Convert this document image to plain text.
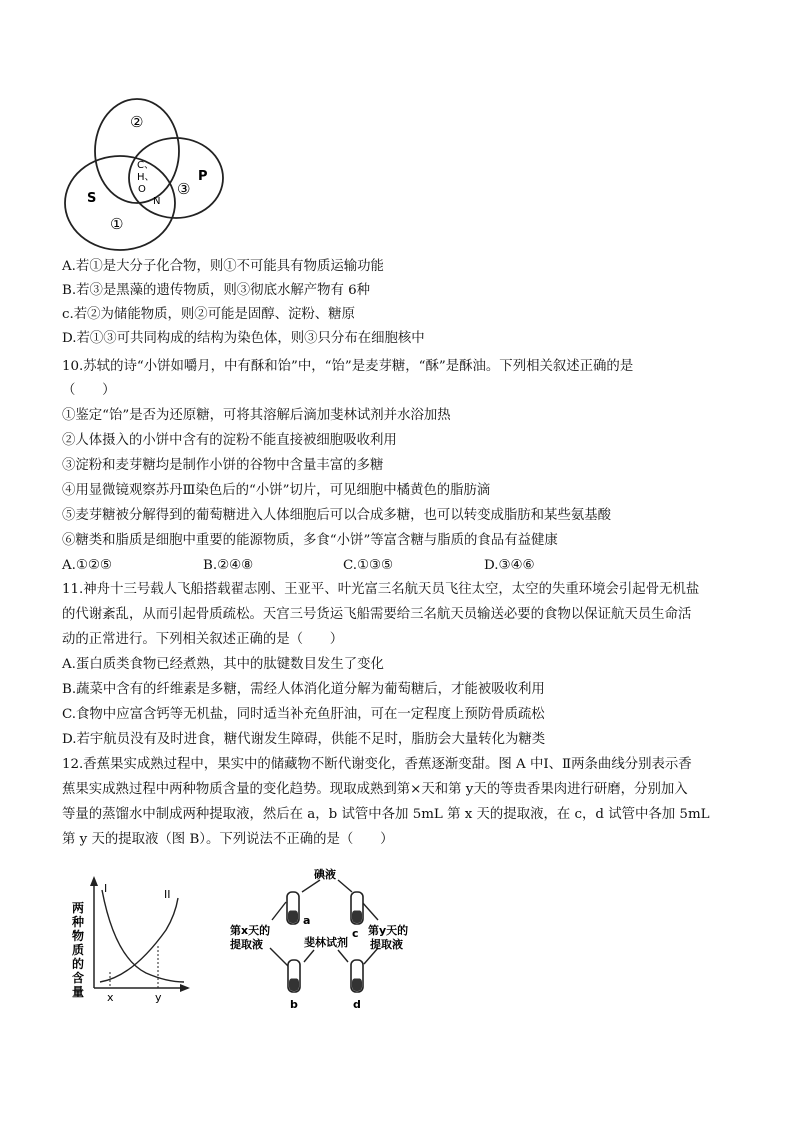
②
S
①
P
③
C、
H、
O
N
A.若①是大分子化合物，则①不可能具有物质运输功能
B.若③是黑藻的遗传物质，则③彻底水解产物有 6种
c.若②为储能物质，则②可能是固醇、淀粉、糖原
D.若①③可共同构成的结构为染色体，则③只分布在细胞核中
10.苏轼的诗“小饼如嚼月，中有酥和饴”中，“饴”是麦芽糖，“酥”是酥油。下列相关叙述正确的是
（　　）
①鉴定“饴”是否为还原糖，可将其溶解后滴加斐林试剂并水浴加热
②人体摄入的小饼中含有的淀粉不能直接被细胞吸收利用
③淀粉和麦芽糖均是制作小饼的谷物中含量丰富的多糖
④用显微镜观察苏丹Ⅲ染色后的“小饼”切片，可见细胞中橘黄色的脂肪滴
⑤麦芽糖被分解得到的葡萄糖进入人体细胞后可以合成多糖，也可以转变成脂肪和某些氨基酸
⑥糖类和脂质是细胞中重要的能源物质，多食“小饼”等富含糖与脂质的食品有益健康
A.①②⑤	B.②④⑧	C.①③⑤	D.③④⑥
11.神舟十三号载人飞船搭载翟志刚、王亚平、叶光富三名航天员飞往太空，太空的失重环境会引起骨无机盐
的代谢紊乱，从而引起骨质疏松。天宫三号货运飞船需要给三名航天员输送必要的食物以保证航天员生命活
动的正常进行。下列相关叙述正确的是（　　）
A.蛋白质类食物已经煮熟，其中的肽键数目发生了变化
B.蔬菜中含有的纤维素是多糖，需经人体消化道分解为葡萄糖后，才能被吸收利用
C.食物中应富含钙等无机盐，同时适当补充鱼肝油，可在一定程度上预防骨质疏松
D.若宇航员没有及时进食，糖代谢发生障碍，供能不足时，脂肪会大量转化为糖类
12.香蕉果实成熟过程中，果实中的储藏物不断代谢变化，香蕉逐渐变甜。图 A 中Ⅰ、Ⅱ两条曲线分别表示香
蕉果实成熟过程中两种物质含量的变化趋势。现取成熟到第×天和第 y天的等贵香果肉进行研磨，分别加入
等量的蒸馏水中制成两种提取液，然后在 a，b 试管中各加 5mL 第 x 天的提取液，在 c，d 试管中各加 5mL
第 y 天的提取液（图 B）。下列说法不正确的是（　　）
两
种
物
质
的
含
量
I	II
x	y
碘液
a
c
b	d
第x天的
提取液	斐林试剂
第y天的
提取液
